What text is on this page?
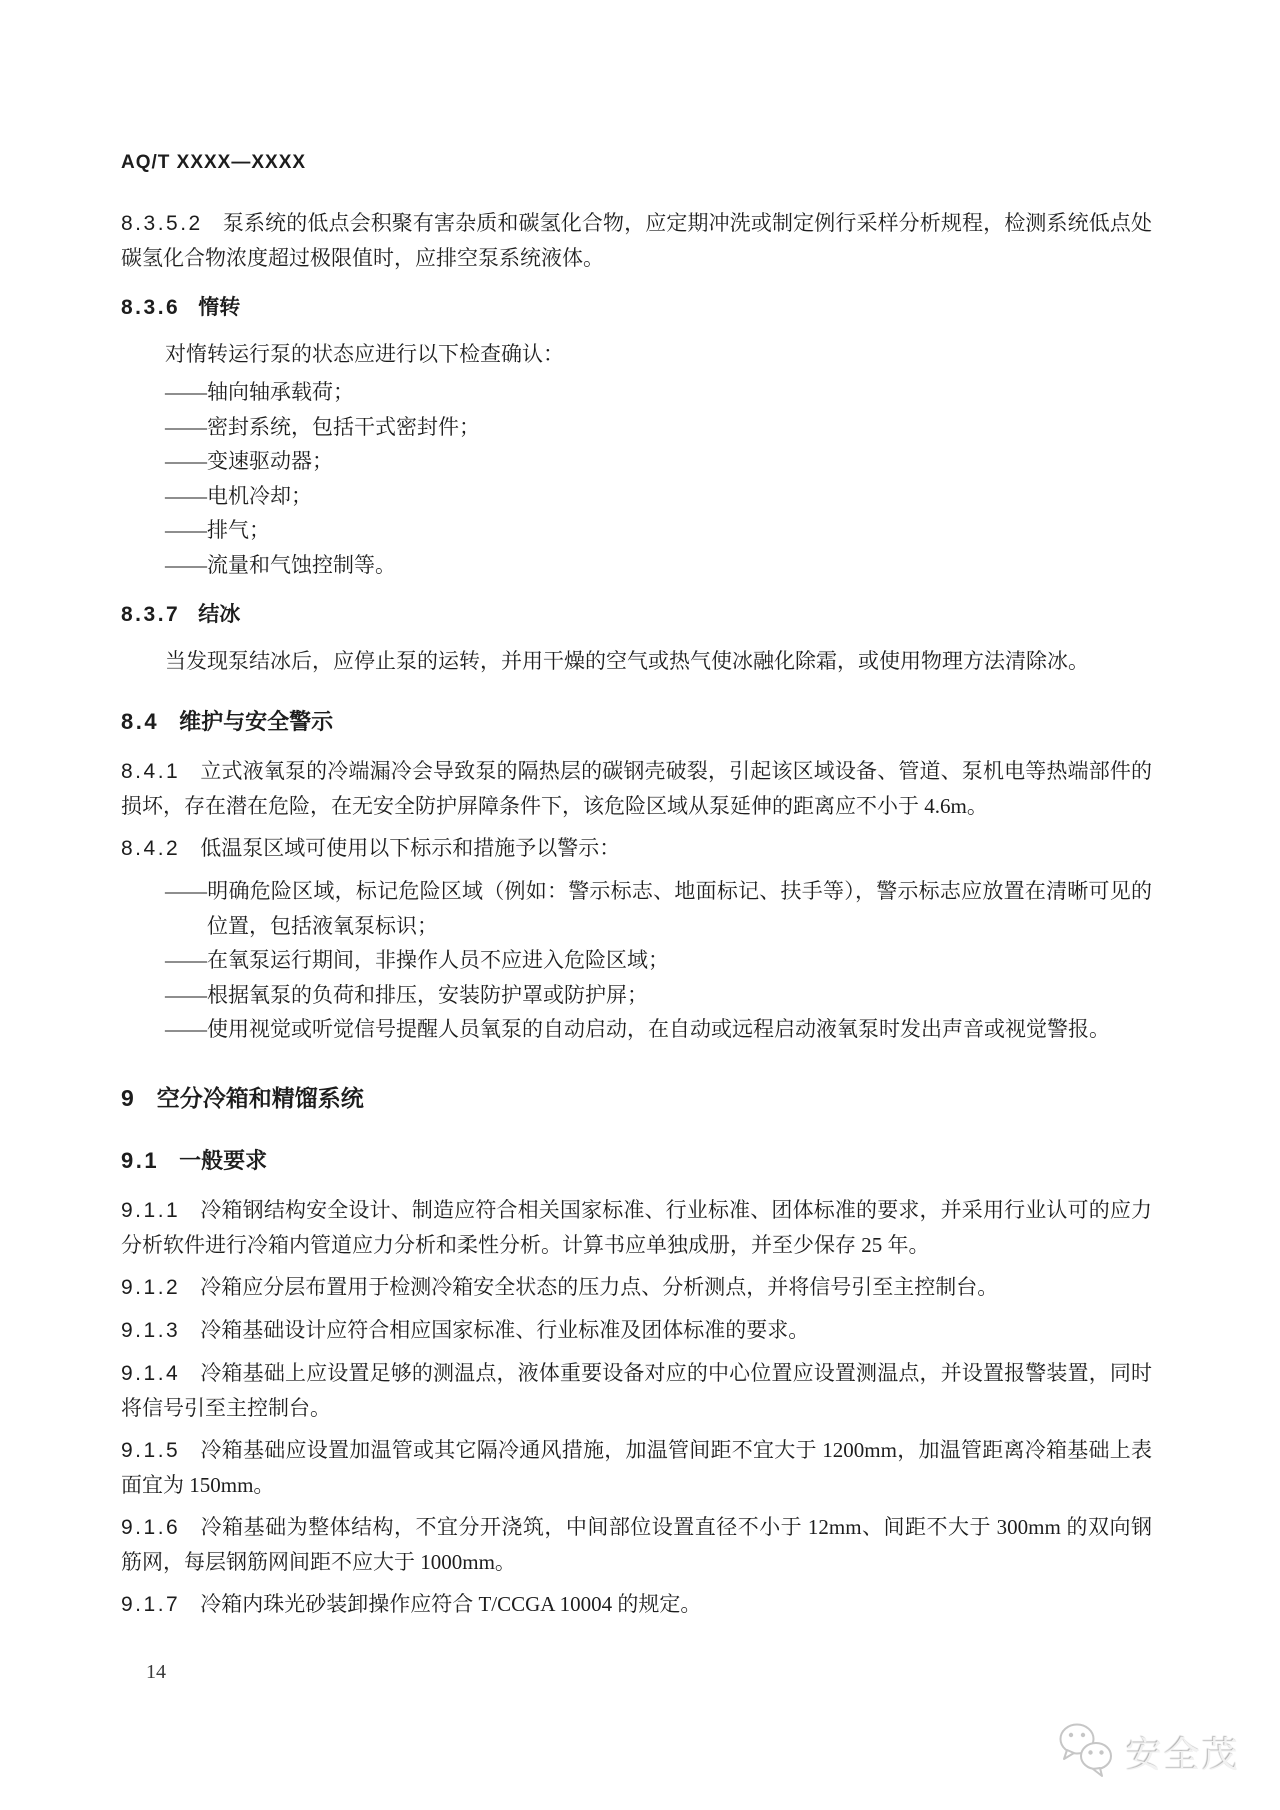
AQ/T XXXX—XXXX

8.3.5.2 泵系统的低点会积聚有害杂质和碳氢化合物，应定期冲洗或制定例行采样分析规程，检测系统低点处碳氢化合物浓度超过极限值时，应排空泵系统液体。

8.3.6 惰转

对惰转运行泵的状态应进行以下检查确认：

——轴向轴承载荷；

——密封系统，包括干式密封件；

——变速驱动器；

——电机冷却；

——排气；

——流量和气蚀控制等。

8.3.7 结冰

当发现泵结冰后，应停止泵的运转，并用干燥的空气或热气使冰融化除霜，或使用物理方法清除冰。

8.4 维护与安全警示

8.4.1 立式液氧泵的冷端漏冷会导致泵的隔热层的碳钢壳破裂，引起该区域设备、管道、泵机电等热端部件的损坏，存在潜在危险，在无安全防护屏障条件下，该危险区域从泵延伸的距离应不小于 4.6m。

8.4.2 低温泵区域可使用以下标示和措施予以警示：

——明确危险区域，标记危险区域（例如：警示标志、地面标记、扶手等），警示标志应放置在清晰可见的位置，包括液氧泵标识；

——在氧泵运行期间，非操作人员不应进入危险区域；

——根据氧泵的负荷和排压，安装防护罩或防护屏；

——使用视觉或听觉信号提醒人员氧泵的自动启动，在自动或远程启动液氧泵时发出声音或视觉警报。

9 空分冷箱和精馏系统
9.1 一般要求

9.1.1 冷箱钢结构安全设计、制造应符合相关国家标准、行业标准、团体标准的要求，并采用行业认可的应力分析软件进行冷箱内管道应力分析和柔性分析。计算书应单独成册，并至少保存 25 年。

9.1.2 冷箱应分层布置用于检测冷箱安全状态的压力点、分析测点，并将信号引至主控制台。

9.1.3 冷箱基础设计应符合相应国家标准、行业标准及团体标准的要求。

9.1.4 冷箱基础上应设置足够的测温点，液体重要设备对应的中心位置应设置测温点，并设置报警装置，同时将信号引至主控制台。

9.1.5 冷箱基础应设置加温管或其它隔冷通风措施，加温管间距不宜大于 1200mm，加温管距离冷箱基础上表面宜为 150mm。

9.1.6 冷箱基础为整体结构，不宜分开浇筑，中间部位设置直径不小于 12mm、间距不大于 300mm 的双向钢筋网，每层钢筋网间距不应大于 1000mm。

9.1.7 冷箱内珠光砂装卸操作应符合 T/CCGA 10004 的规定。

14
安全茂
